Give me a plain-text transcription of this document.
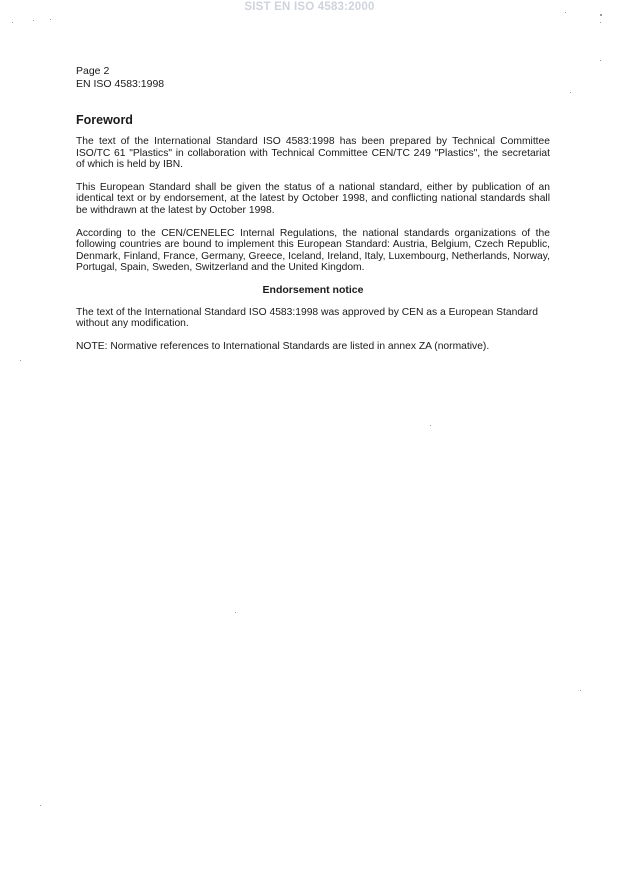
SIST EN ISO 4583:2000
Page 2
EN ISO 4583:1998
Foreword

The text of the International Standard ISO 4583:1998 has been prepared by Technical Committee ISO/TC 61 "Plastics" in collaboration with Technical Committee CEN/TC 249 "Plastics", the secretariat of which is held by IBN.

This European Standard shall be given the status of a national standard, either by publication of an identical text or by endorsement, at the latest by October 1998, and conflicting national standards shall be withdrawn at the latest by October 1998.

According to the CEN/CENELEC Internal Regulations, the national standards organizations of the following countries are bound to implement this European Standard: Austria, Belgium, Czech Republic, Denmark, Finland, France, Germany, Greece, Iceland, Ireland, Italy, Luxembourg, Netherlands, Norway, Portugal, Spain, Sweden, Switzerland and the United Kingdom.

Endorsement notice

The text of the International Standard ISO 4583:1998 was approved by CEN as a European Standard without any modification.

NOTE: Normative references to International Standards are listed in annex ZA (normative).
